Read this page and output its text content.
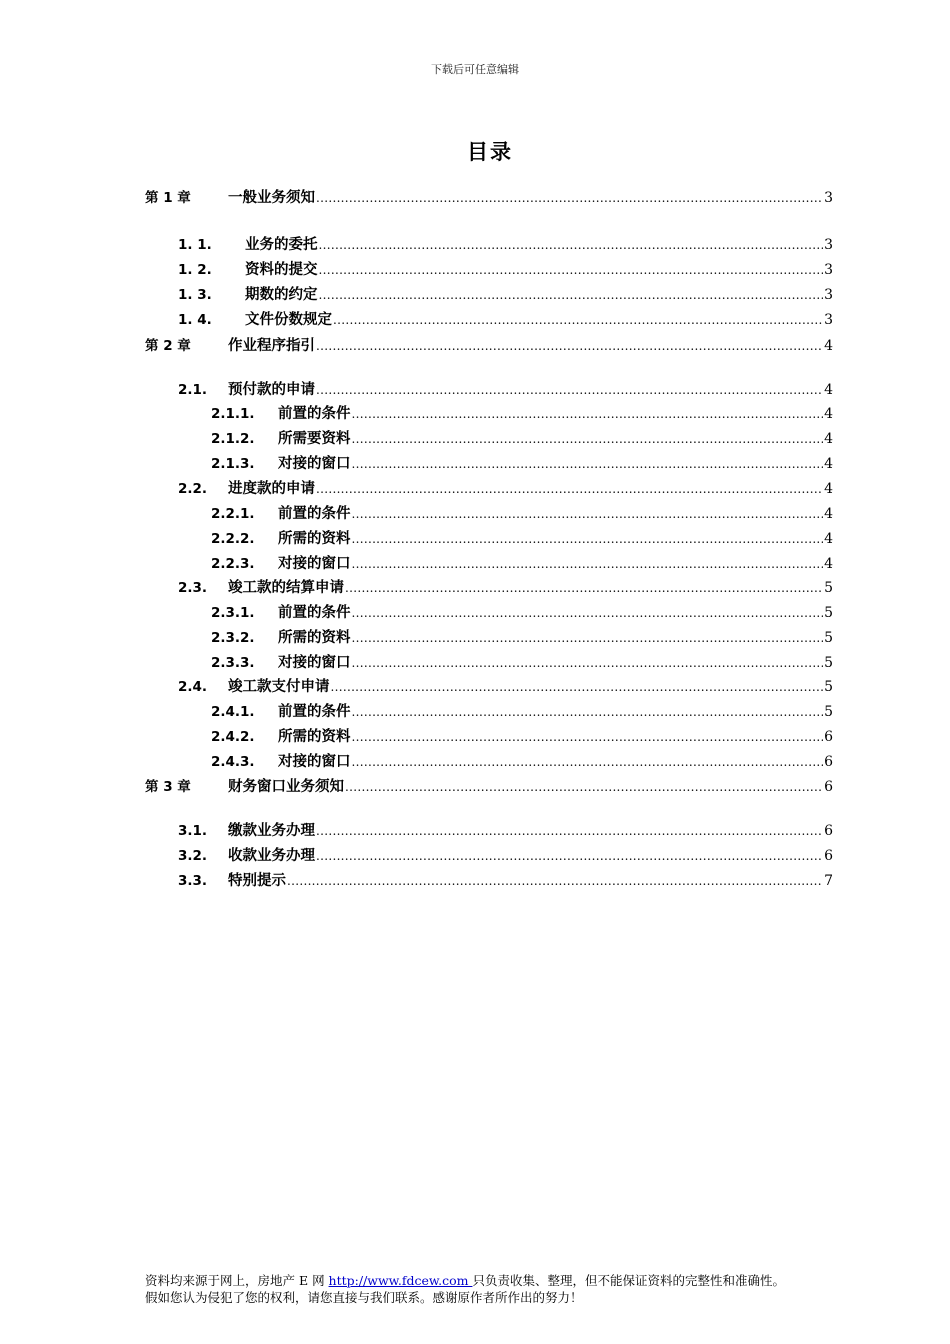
下载后可任意编辑
目录
第 1 章	一般业务须知 .....	3
1. 1. 业务的委托 .....	3
1. 2. 资料的提交 .....	3
1. 3. 期数的约定 .....	3
1. 4. 文件份数规定 .....	3
第 2 章	作业程序指引 .....	4
2.1. 预付款的申请 .....	4
2.1.1. 前置的条件 .....	4
2.1.2. 所需要资料 .....	4
2.1.3. 对接的窗口 .....	4
2.2. 进度款的申请 .....	4
2.2.1. 前置的条件 .....	4
2.2.2. 所需的资料 .....	4
2.2.3. 对接的窗口 .....	4
2.3. 竣工款的结算申请 .....	5
2.3.1. 前置的条件 .....	5
2.3.2. 所需的资料 .....	5
2.3.3. 对接的窗口 .....	5
2.4. 竣工款支付申请 .....	5
2.4.1. 前置的条件 .....	5
2.4.2. 所需的资料 .....	6
2.4.3. 对接的窗口 .....	6
第 3 章	财务窗口业务须知 .....	6
3.1. 缴款业务办理 .....	6
3.2. 收款业务办理 .....	6
3.3. 特别提示 .....	7
资料均来源于网上，房地产 E 网 http://www.fdcew.com 只负责收集、整理，但不能保证资料的完整性和准确性。
假如您认为侵犯了您的权利，请您直接与我们联系。感谢原作者所作出的努力！
